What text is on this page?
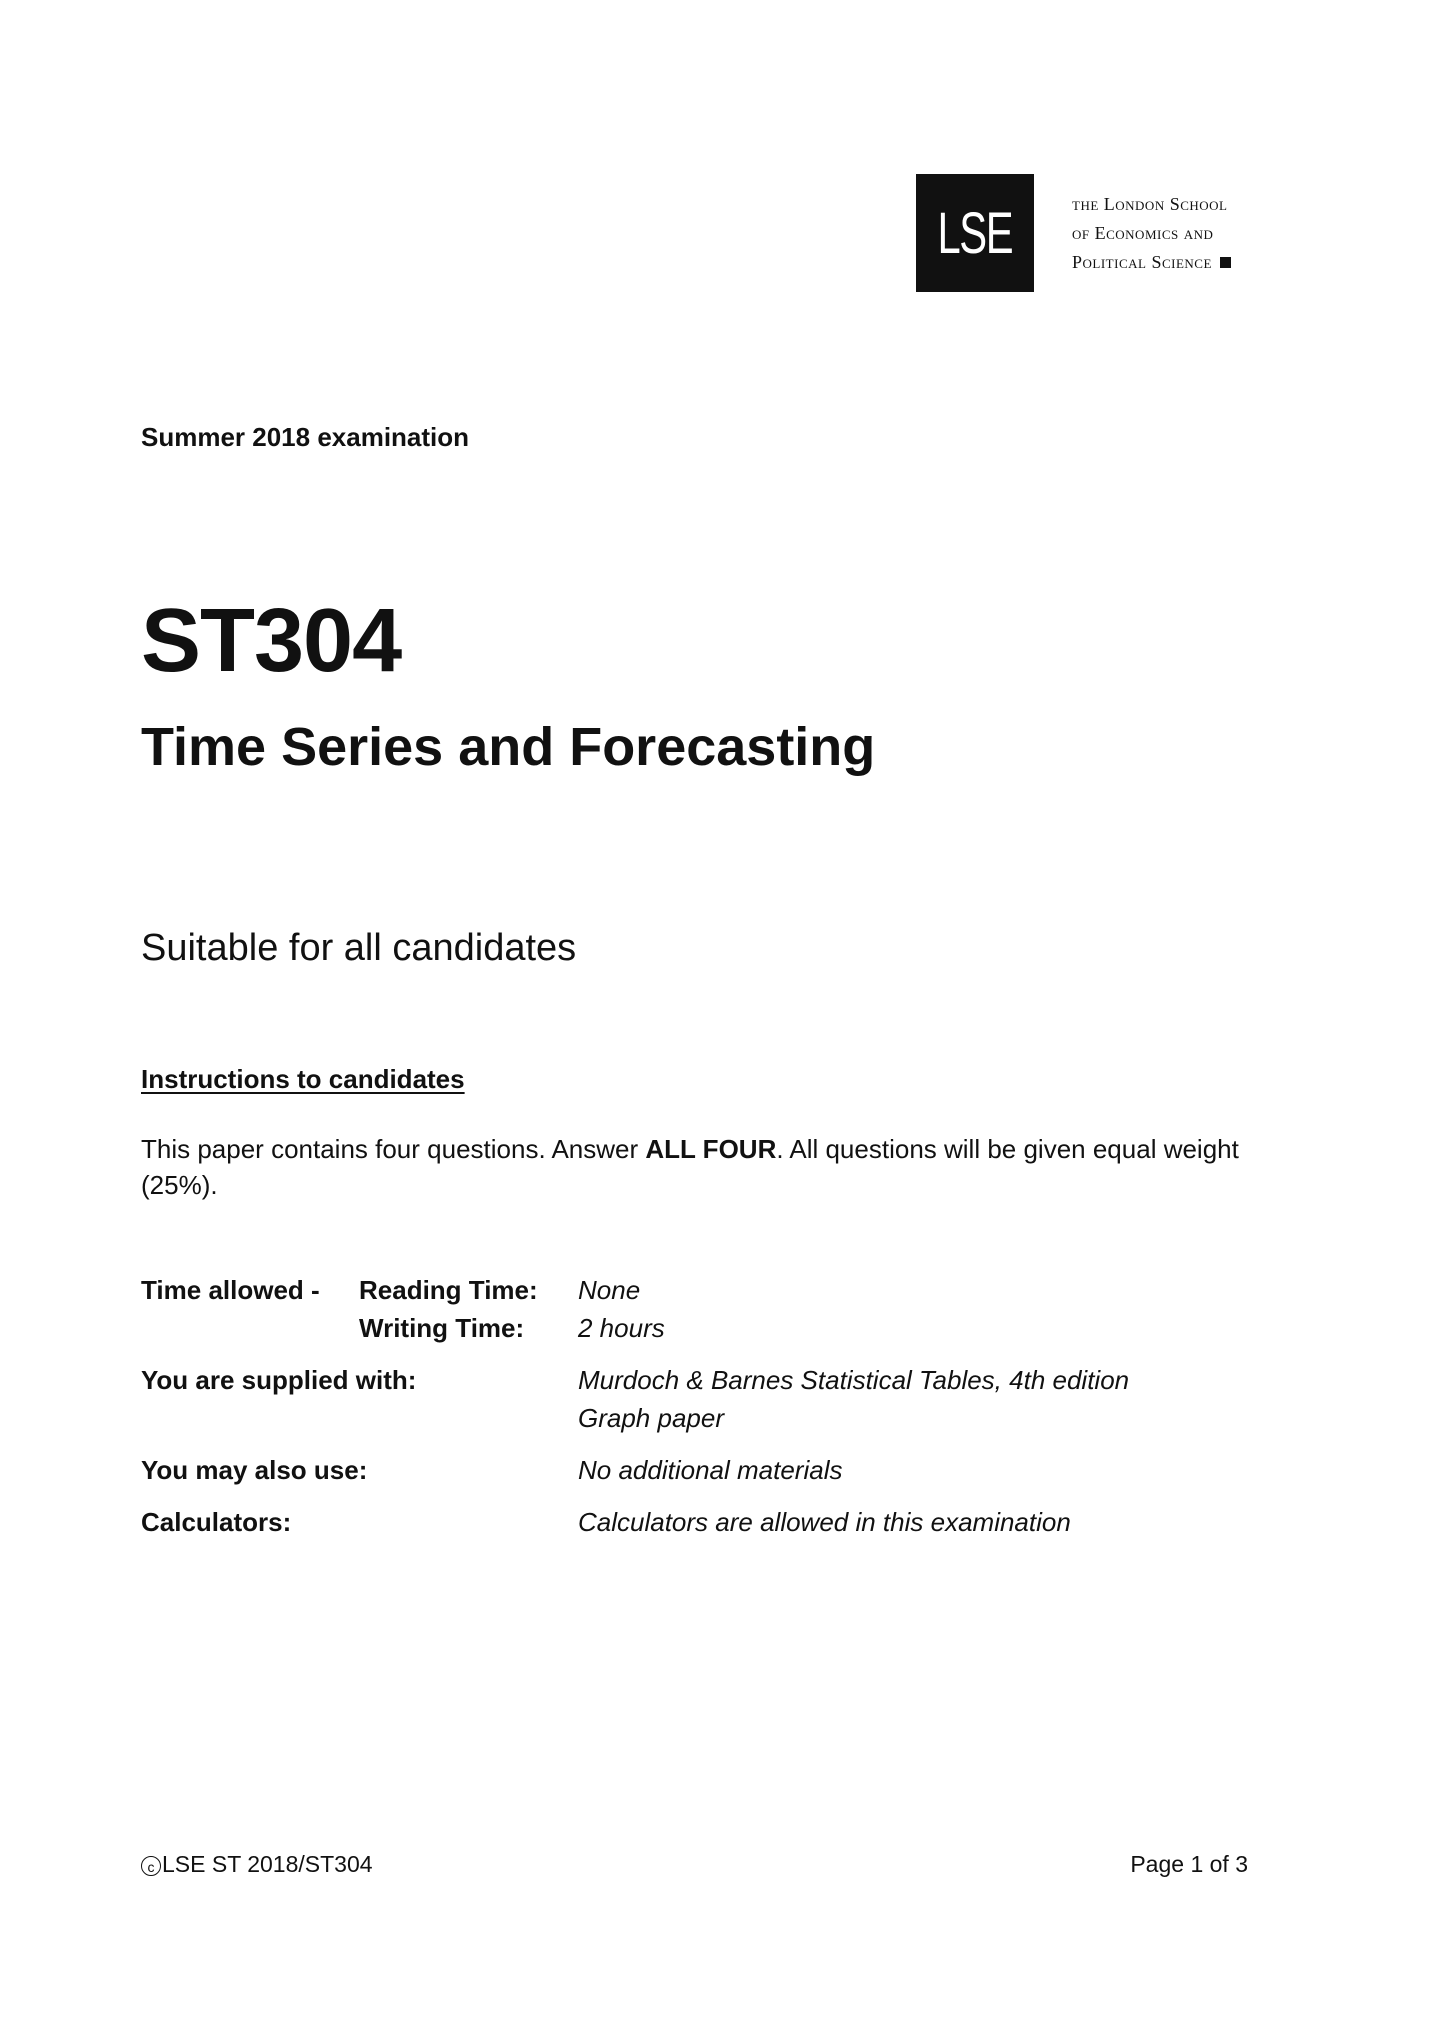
LSE	the London School
of Economics and
Political Science
Summer 2018 examination
ST304
Time Series and Forecasting
Suitable for all candidates
Instructions to candidates
This paper contains four questions. Answer ALL FOUR. All questions will be given equal weight (25%).
Time allowed - Reading Time: None
Writing Time: 2 hours
You are supplied with:	Murdoch & Barnes Statistical Tables, 4th edition
Graph paper
You may also use:	No additional materials
Calculators:	Calculators are allowed in this examination
c LSE ST 2018/ST304	Page 1 of 3
